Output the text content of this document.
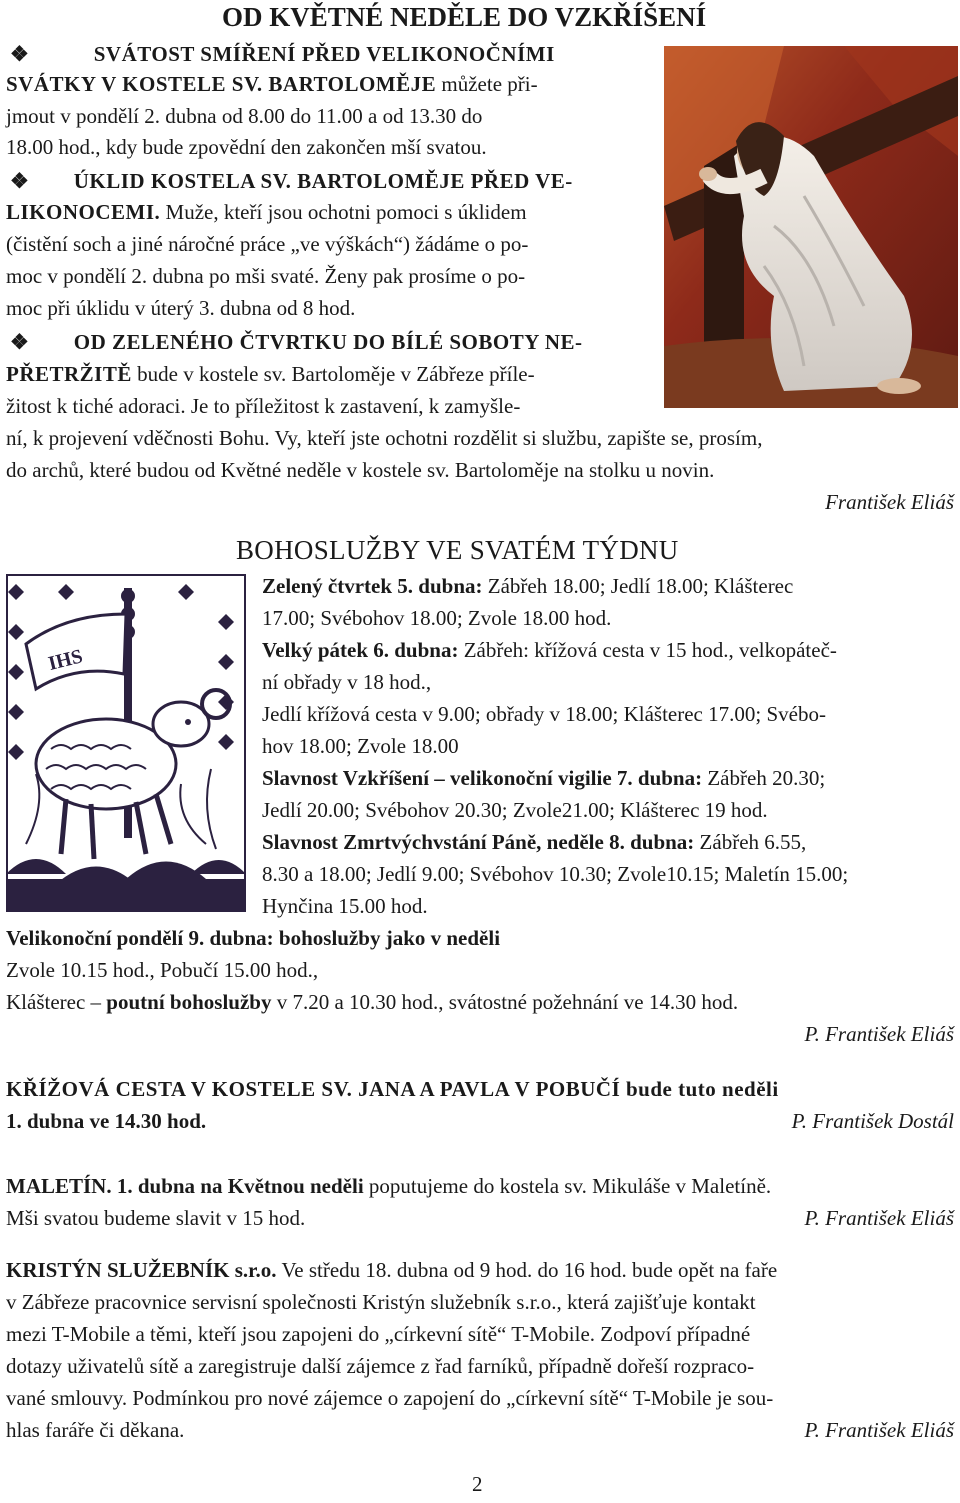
OD KVĚTNÉ NEDĚLE DO VZKŘÍŠENÍ
❖	SVÁTOST SMÍŘENÍ PŘED VELIKONOČNÍMI
SVÁTKY V KOSTELE SV. BARTOLOMĚJE můžete při-
jmout v pondělí 2. dubna od 8.00 do 11.00 a od 13.30 do
18.00 hod., kdy bude zpovědní den zakončen mší svatou.
❖ ÚKLID KOSTELA SV. BARTOLOMĚJE PŘED VE-
LIKONOCEMI. Muže, kteří jsou ochotni pomoci s úklidem
(čistění soch a jiné náročné práce „ve výškách“) žádáme o po-
moc v pondělí 2. dubna po mši svaté. Ženy pak prosíme o po-
moc při úklidu v úterý 3. dubna od 8 hod.
❖ OD ZELENÉHO ČTVRTKU DO BÍLÉ SOBOTY NE-
PŘETRŽITĚ bude v kostele sv. Bartoloměje v Zábřeze příle-
žitost k tiché adoraci. Je to příležitost k zastavení, k zamyšle-
ní, k projevení vděčnosti Bohu. Vy, kteří jste ochotni rozdělit si službu, zapište se, prosím,
do archů, které budou od Květné neděle v kostele sv. Bartoloměje na stolku u novin.
František Eliáš
BOHOSLUŽBY VE SVATÉM TÝDNU
IHS
Zelený čtvrtek 5. dubna: Zábřeh 18.00; Jedlí 18.00; Klášterec
17.00; Svébohov 18.00; Zvole 18.00 hod.
Velký pátek 6. dubna: Zábřeh: křížová cesta v 15 hod., velkopáteč-
ní obřady v 18 hod.,
Jedlí křížová cesta v 9.00; obřady v 18.00; Klášterec 17.00; Svébo-
hov 18.00; Zvole 18.00
Slavnost Vzkříšení – velikonoční vigilie 7. dubna: Zábřeh 20.30;
Jedlí 20.00; Svébohov 20.30; Zvole21.00; Klášterec 19 hod.
Slavnost Zmrtvýchvstání Páně, neděle 8. dubna: Zábřeh 6.55,
8.30 a 18.00; Jedlí 9.00; Svébohov 10.30; Zvole10.15; Maletín 15.00;
Hynčina 15.00 hod.
Velikonoční pondělí 9. dubna: bohoslužby jako v neděli
Zvole 10.15 hod., Pobučí 15.00 hod.,
Klášterec – poutní bohoslužby v 7.20 a 10.30 hod., svátostné požehnání ve 14.30 hod.
P. František Eliáš
KŘÍŽOVÁ CESTA V KOSTELE SV. JANA A PAVLA V POBUČÍ bude tuto neděli
1. dubna ve 14.30 hod.	P. František Dostál
MALETÍN. 1. dubna na Květnou neděli poputujeme do kostela sv. Mikuláše v Maletíně.
Mši svatou budeme slavit v 15 hod.	P. František Eliáš
KRISTÝN SLUŽEBNÍK s.r.o. Ve středu 18. dubna od 9 hod. do 16 hod. bude opět na faře
v Zábřeze pracovnice servisní společnosti Kristýn služebník s.r.o., která zajišťuje kontakt
mezi T-Mobile a těmi, kteří jsou zapojeni do „církevní sítě“ T-Mobile. Zodpoví případné
dotazy uživatelů sítě a zaregistruje další zájemce z řad farníků, případně dořeší rozpraco-
vané smlouvy. Podmínkou pro nové zájemce o zapojení do „církevní sítě“ T-Mobile je sou-
hlas faráře či děkana.	P. František Eliáš
2
